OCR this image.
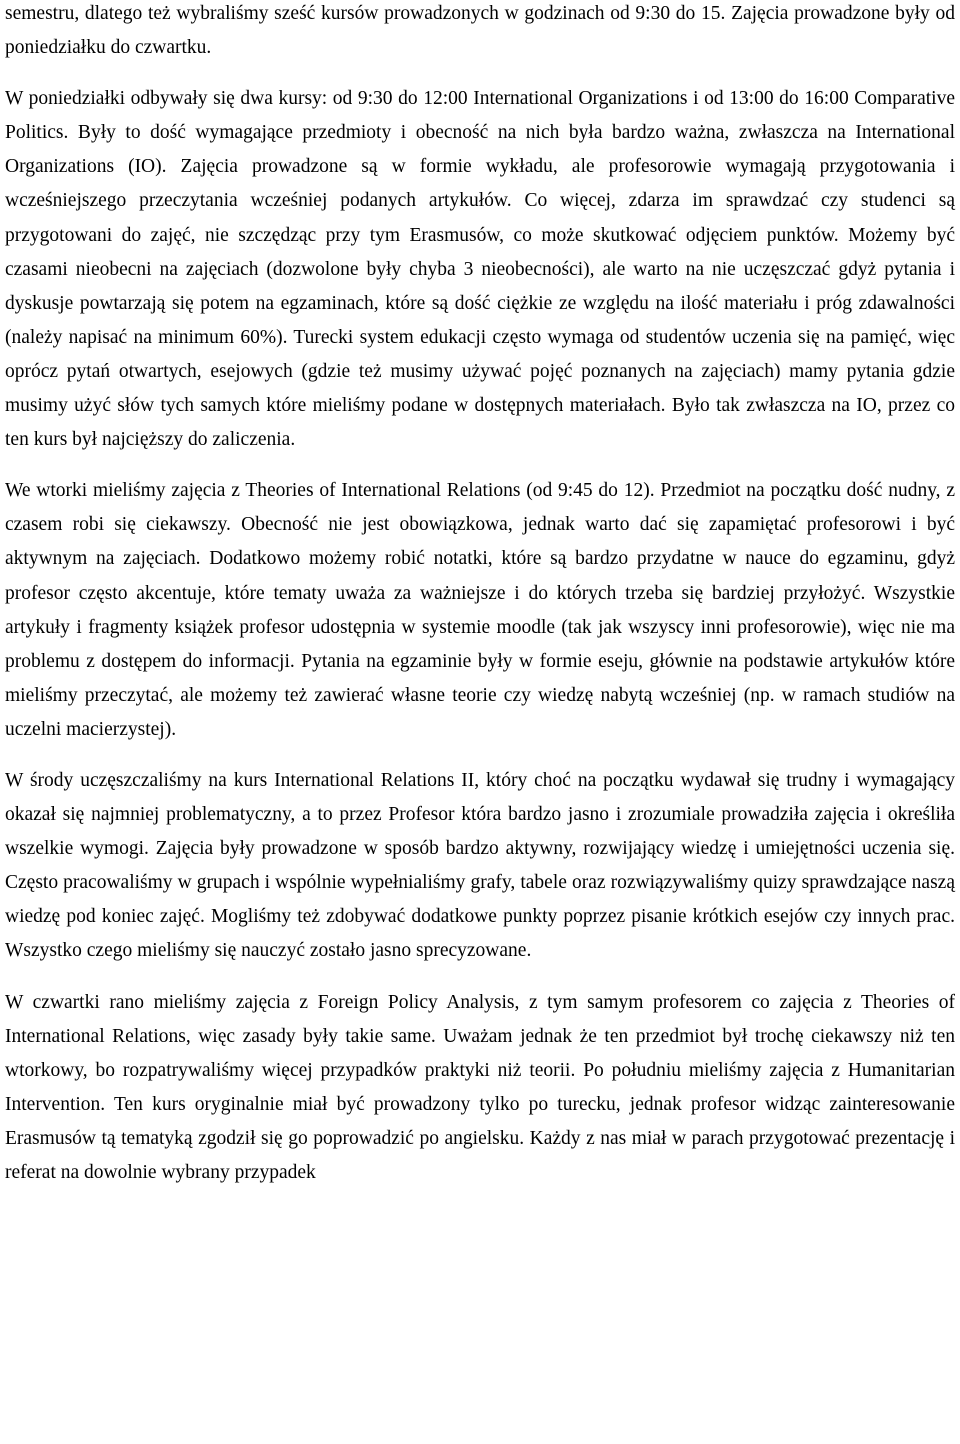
semestru, dlatego też wybraliśmy sześć kursów prowadzonych w godzinach od 9:30 do 15. Zajęcia prowadzone były od poniedziałku do czwartku.

W poniedziałki odbywały się dwa kursy: od 9:30 do 12:00 International Organizations i od 13:00 do 16:00 Comparative Politics. Były to dość wymagające przedmioty i obecność na nich była bardzo ważna, zwłaszcza na International Organizations (IO). Zajęcia prowadzone są w formie wykładu, ale profesorowie wymagają przygotowania i wcześniejszego przeczytania wcześniej podanych artykułów. Co więcej, zdarza im sprawdzać czy studenci są przygotowani do zajęć, nie szczędząc przy tym Erasmusów, co może skutkować odjęciem punktów. Możemy być czasami nieobecni na zajęciach (dozwolone były chyba 3 nieobecności), ale warto na nie uczęszczać gdyż pytania i dyskusje powtarzają się potem na egzaminach, które są dość ciężkie ze względu na ilość materiału i próg zdawalności (należy napisać na minimum 60%). Turecki system edukacji często wymaga od studentów uczenia się na pamięć, więc oprócz pytań otwartych, esejowych (gdzie też musimy używać pojęć poznanych na zajęciach) mamy pytania gdzie musimy użyć słów tych samych które mieliśmy podane w dostępnych materiałach. Było tak zwłaszcza na IO, przez co ten kurs był najcięższy do zaliczenia.

We wtorki mieliśmy zajęcia z Theories of International Relations (od 9:45 do 12). Przedmiot na początku dość nudny, z czasem robi się ciekawszy. Obecność nie jest obowiązkowa, jednak warto dać się zapamiętać profesorowi i być aktywnym na zajęciach. Dodatkowo możemy robić notatki, które są bardzo przydatne w nauce do egzaminu, gdyż profesor często akcentuje, które tematy uważa za ważniejsze i do których trzeba się bardziej przyłożyć. Wszystkie artykuły i fragmenty książek profesor udostępnia w systemie moodle (tak jak wszyscy inni profesorowie), więc nie ma problemu z dostępem do informacji. Pytania na egzaminie były w formie eseju, głównie na podstawie artykułów które mieliśmy przeczytać, ale możemy też zawierać własne teorie czy wiedzę nabytą wcześniej (np. w ramach studiów na uczelni macierzystej).

W środy uczęszczaliśmy na kurs International Relations II, który choć na początku wydawał się trudny i wymagający okazał się najmniej problematyczny, a to przez Profesor która bardzo jasno i zrozumiale prowadziła zajęcia i określiła wszelkie wymogi. Zajęcia były prowadzone w sposób bardzo aktywny, rozwijający wiedzę i umiejętności uczenia się. Często pracowaliśmy w grupach i wspólnie wypełnialiśmy grafy, tabele oraz rozwiązywaliśmy quizy sprawdzające naszą wiedzę pod koniec zajęć. Mogliśmy też zdobywać dodatkowe punkty poprzez pisanie krótkich esejów czy innych prac. Wszystko czego mieliśmy się nauczyć zostało jasno sprecyzowane.

W czwartki rano mieliśmy zajęcia z Foreign Policy Analysis, z tym samym profesorem co zajęcia z Theories of International Relations, więc zasady były takie same. Uważam jednak że ten przedmiot był trochę ciekawszy niż ten wtorkowy, bo rozpatrywaliśmy więcej przypadków praktyki niż teorii. Po południu mieliśmy zajęcia z Humanitarian Intervention. Ten kurs oryginalnie miał być prowadzony tylko po turecku, jednak profesor widząc zainteresowanie Erasmusów tą tematyką zgodził się go poprowadzić po angielsku. Każdy z nas miał w parach przygotować prezentację i referat na dowolnie wybrany przypadek
